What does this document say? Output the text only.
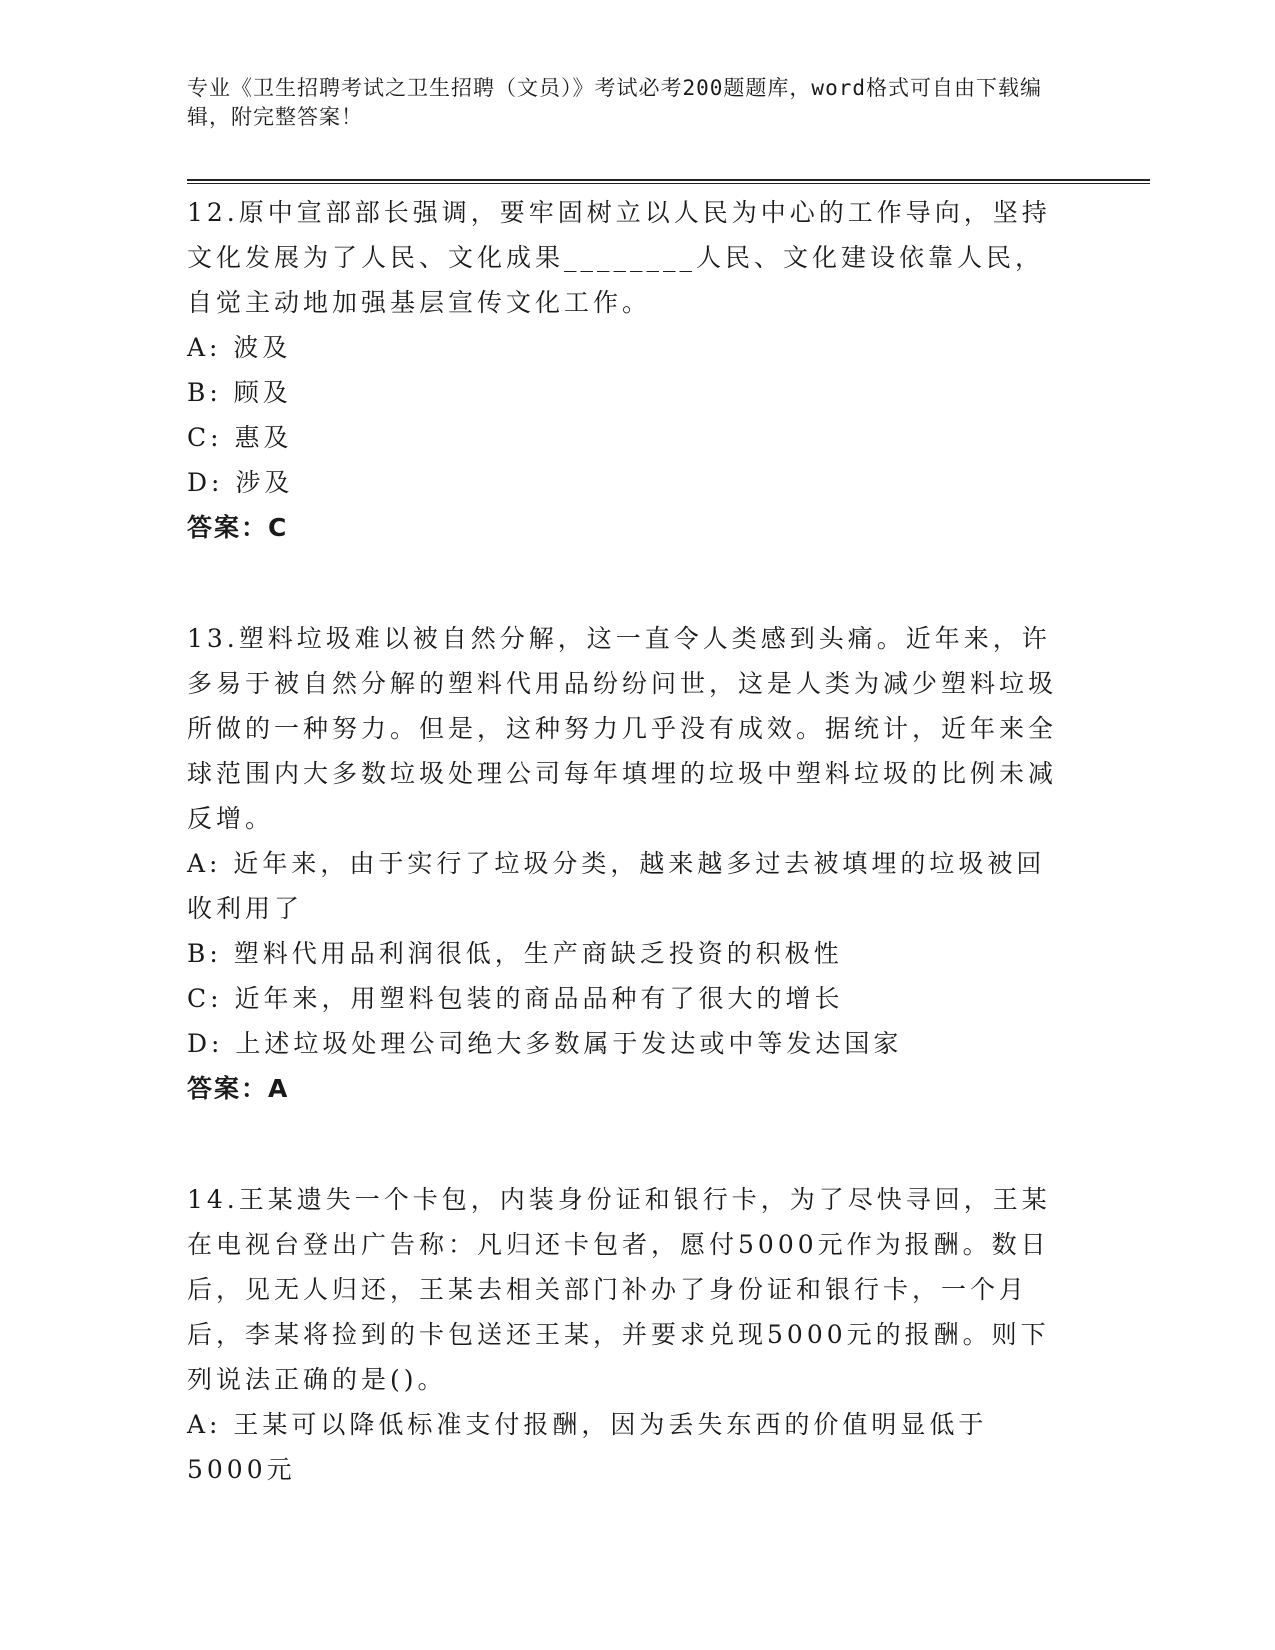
专业《卫生招聘考试之卫生招聘（文员）》考试必考200题题库，word格式可自由下载编辑，附完整答案！

12.原中宣部部长强调，要牢固树立以人民为中心的工作导向，坚持文化发展为了人民、文化成果________人民、文化建设依靠人民，自觉主动地加强基层宣传文化工作。

A: 波及

B: 顾及

C: 惠及

D: 涉及

答案：C

13.塑料垃圾难以被自然分解，这一直令人类感到头痛。近年来，许多易于被自然分解的塑料代用品纷纷问世，这是人类为减少塑料垃圾所做的一种努力。但是，这种努力几乎没有成效。据统计，近年来全球范围内大多数垃圾处理公司每年填埋的垃圾中塑料垃圾的比例未减反增。

A: 近年来，由于实行了垃圾分类，越来越多过去被填埋的垃圾被回收利用了

B: 塑料代用品利润很低，生产商缺乏投资的积极性

C: 近年来，用塑料包装的商品品种有了很大的增长

D: 上述垃圾处理公司绝大多数属于发达或中等发达国家

答案：A

14.王某遗失一个卡包，内装身份证和银行卡，为了尽快寻回，王某在电视台登出广告称：凡归还卡包者，愿付5000元作为报酬。数日后，见无人归还，王某去相关部门补办了身份证和银行卡，一个月后，李某将捡到的卡包送还王某，并要求兑现5000元的报酬。则下列说法正确的是()。

A: 王某可以降低标准支付报酬，因为丢失东西的价值明显低于5000元
